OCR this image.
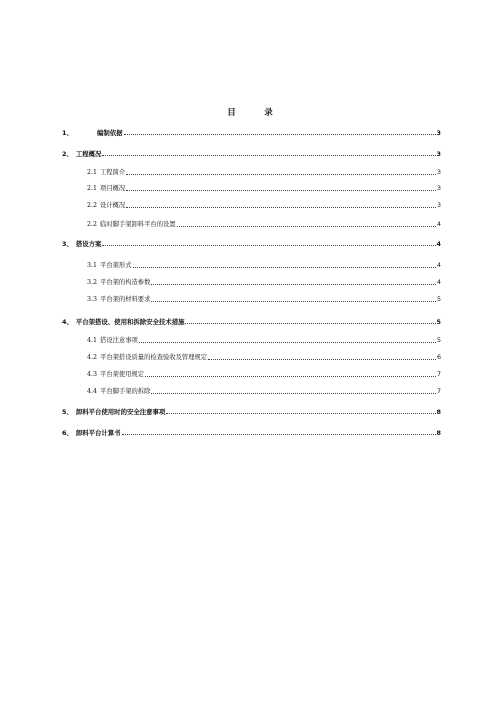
目　录
1、	编制依据	3
2、 工程概况	3
2.1 工程简介	3
2.1 项目概况	3
2.2 设计概况	3
2.2 临时脚手架卸料平台的设置	4
3、 搭设方案	4
3.1 平台架形式	4
3.2 平台架的构造参数	4
3.3 平台架的材料要求	5
4、 平台架搭设、使用和拆除安全技术措施	5
4.1 搭设注意事项	5
4.2 平台架搭设质量的检查验收及管理规定	6
4.3 平台架使用规定	7
4.4 平台脚手架的拆除	7
5、 卸料平台使用时的安全注意事项	8
6、 卸料平台计算书	8
